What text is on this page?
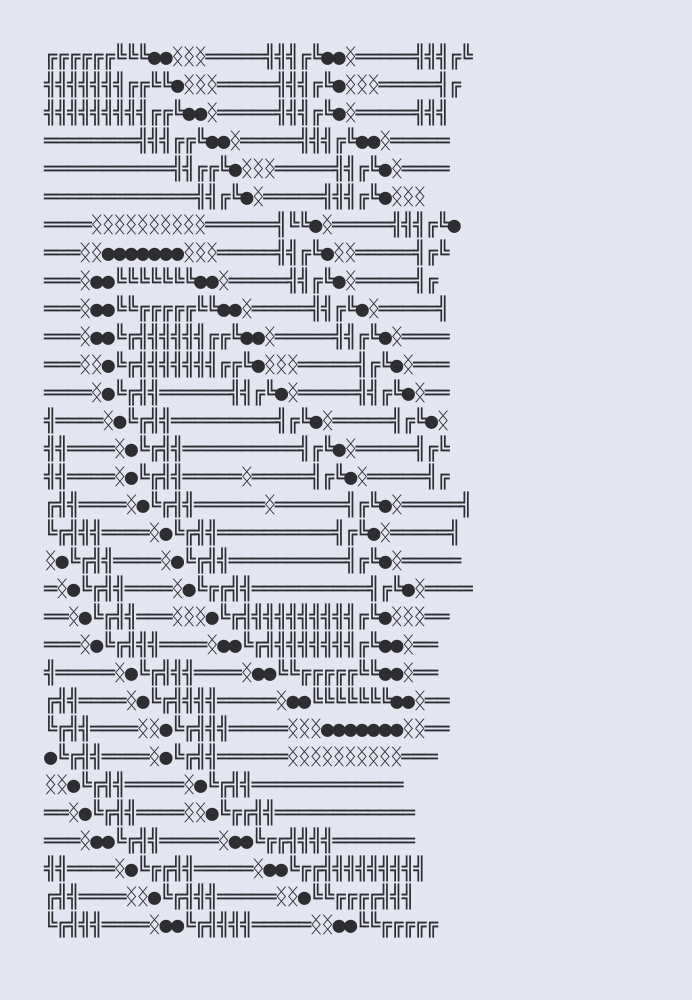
╔╔╔╔╔╔╚╚╚●●ᛝᛝᛝ═════╣╣╣╔╚●●ᛝ═════╣╣╣╔╚
╣╣╣╣╣╣╣╔╔╚╚●ᛝᛝᛝ═════╣╣╣╔╚●ᛝᛝᛝ═════╣╔
╣╣╣╣╣╣╣╣╣╔╔╚●●ᛝ═════╣╣╣╔╚●ᛝ═════╣╣╣
════════╣╣╣╔╔╚●●ᛝ═════╣╣╣╔╚●●ᛝ═════
═══════════╣╣╔╔╚●ᛝᛝᛝ═════╣╣╔╚●ᛝ════
═════════════╣╣╔╚●ᛝ═════╣╣╣╔╚●ᛝᛝᛝ
════ᛝᛝᛝᛝᛝᛝᛝᛝᛝᛝ══════╣╚╚●ᛝ═════╣╣╣╔╚●
═══ᛝᛝ●●●●●●●ᛝᛝᛝ═════╣╣╔╚●ᛝᛝ═════╣╔╚
═══ᛝ●●╚╚╚╚╚╚╚●●ᛝ═════╣╣╔╚●ᛝ═════╣╔
═══ᛝ●●╚╚╔╔╔╔╔╚╚●●ᛝ═════╣╣╔╚●ᛝ═════╣
═══ᛝ●●╚╔╣╣╣╣╣╣╔╔╚●●ᛝ═════╣╣╔╚●ᛝ════
═══ᛝᛝ●╚╔╣╣╣╣╣╣╣╔╔╚●ᛝᛝᛝ═════╣╔╚●ᛝ═══
════ᛝ●╚╔╣╣══════╣╣╔╚●ᛝ═════╣╣╔╚●ᛝ══
╣════ᛝ●╚╔╣╣═════════╣╔╚●ᛝ═════╣╔╚●ᛝ
╣╣════ᛝ●╚╔╣╣══════════╣╔╚●ᛝ═════╣╔╚
╣╣════ᛝ●╚╔╣╣═════ᛝ═════╣╔╚●ᛝ═════╣╔
╔╣╣════ᛝ●╚╔╣╣══════ᛝ══════╣╔╚●ᛝ═════╣
╚╔╣╣╣════ᛝ●╚╔╣╣══════════╣╔╚●ᛝ═════╣
ᛝ●╚╔╣╣════ᛝ●╚╔╣╣══════════╣╔╚●ᛝ═════
═ᛝ●╚╔╣╣════ᛝ●╚╔╔╣╣══════════╣╔╚●ᛝ════
══ᛝ●╚╔╣╣═══ᛝᛝᛝ●╚╔╣╣╣╣╣╣╣╣╣╣╔╚●ᛝᛝᛝ══
═══ᛝ●╚╔╣╣╣════ᛝ●●╚╔╣╣╣╣╣╣╣╣╔╚●●ᛝ══
╣═════ᛝ●╚╔╣╣╣════ᛝ●●╚╚╔╔╔╔╔╚╚●●ᛝ══
╔╣╣════ᛝ●╚╔╣╣╣╣═════ᛝ●●╚╚╚╚╚╚╚●●ᛝ══
╚╔╣╣════ᛝᛝ●╚╔╣╣╣═════ᛝᛝᛝ●●●●●●●ᛝᛝ══
●╚╔╣╣════ᛝ●╚╔╣╣══════ᛝᛝᛝᛝᛝᛝᛝᛝᛝᛝ═══
ᛝᛝ●╚╔╣╣═════ᛝ●╚╔╣╣═════════════
══ᛝ●╚╔╣╣════ᛝᛝ●╚╔╔╣╣════════════
═══ᛝ●●╚╔╣╣═════ᛝ●●╚╔╔╣╣╣╣═══════
╣╣════ᛝ●╚╔╔╣╣═════ᛝ●●╚╔╔╣╣╣╣╣╣╣╣╣
╔╣╣════ᛝᛝ●╚╔╣╣╣═════ᛝᛝ●╚╚╔╔╔╔╣╣╣
╚╔╣╣╣════ᛝ●●╚╔╣╣╣╣═════ᛝᛝ●●╚╚╔╔╔╔╔
